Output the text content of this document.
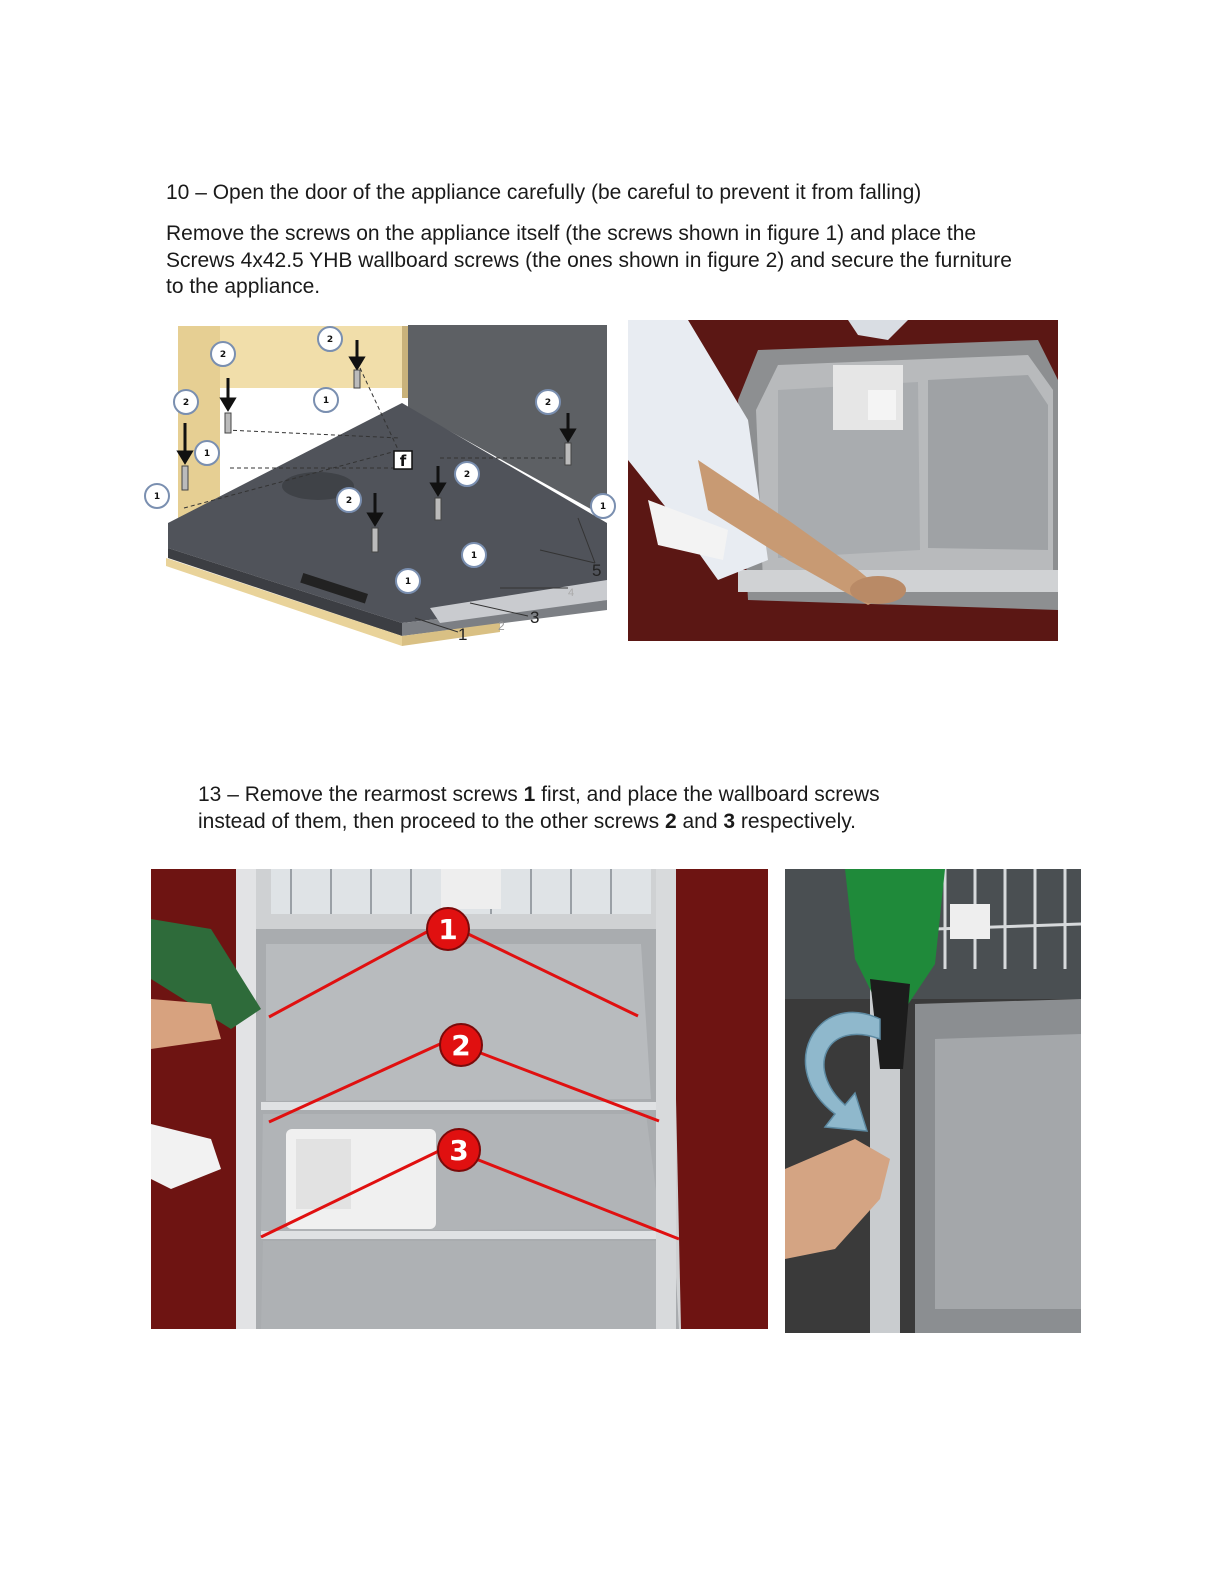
10 – Open the door of the appliance carefully (be careful to prevent it from falling)

Remove the screws on the appliance itself (the screws shown in figure 1) and place the
Screws 4x42.5 YHB wallboard screws (the ones shown in figure 2) and secure the furniture
to the appliance.
f
2
2
2	2
2
2
1
1
1
1
1
1
1	2 3
4
5
13 – Remove the rearmost screws 1 first, and place the wallboard screws
instead of them, then proceed to the other screws 2 and 3 respectively.
1
2
3
